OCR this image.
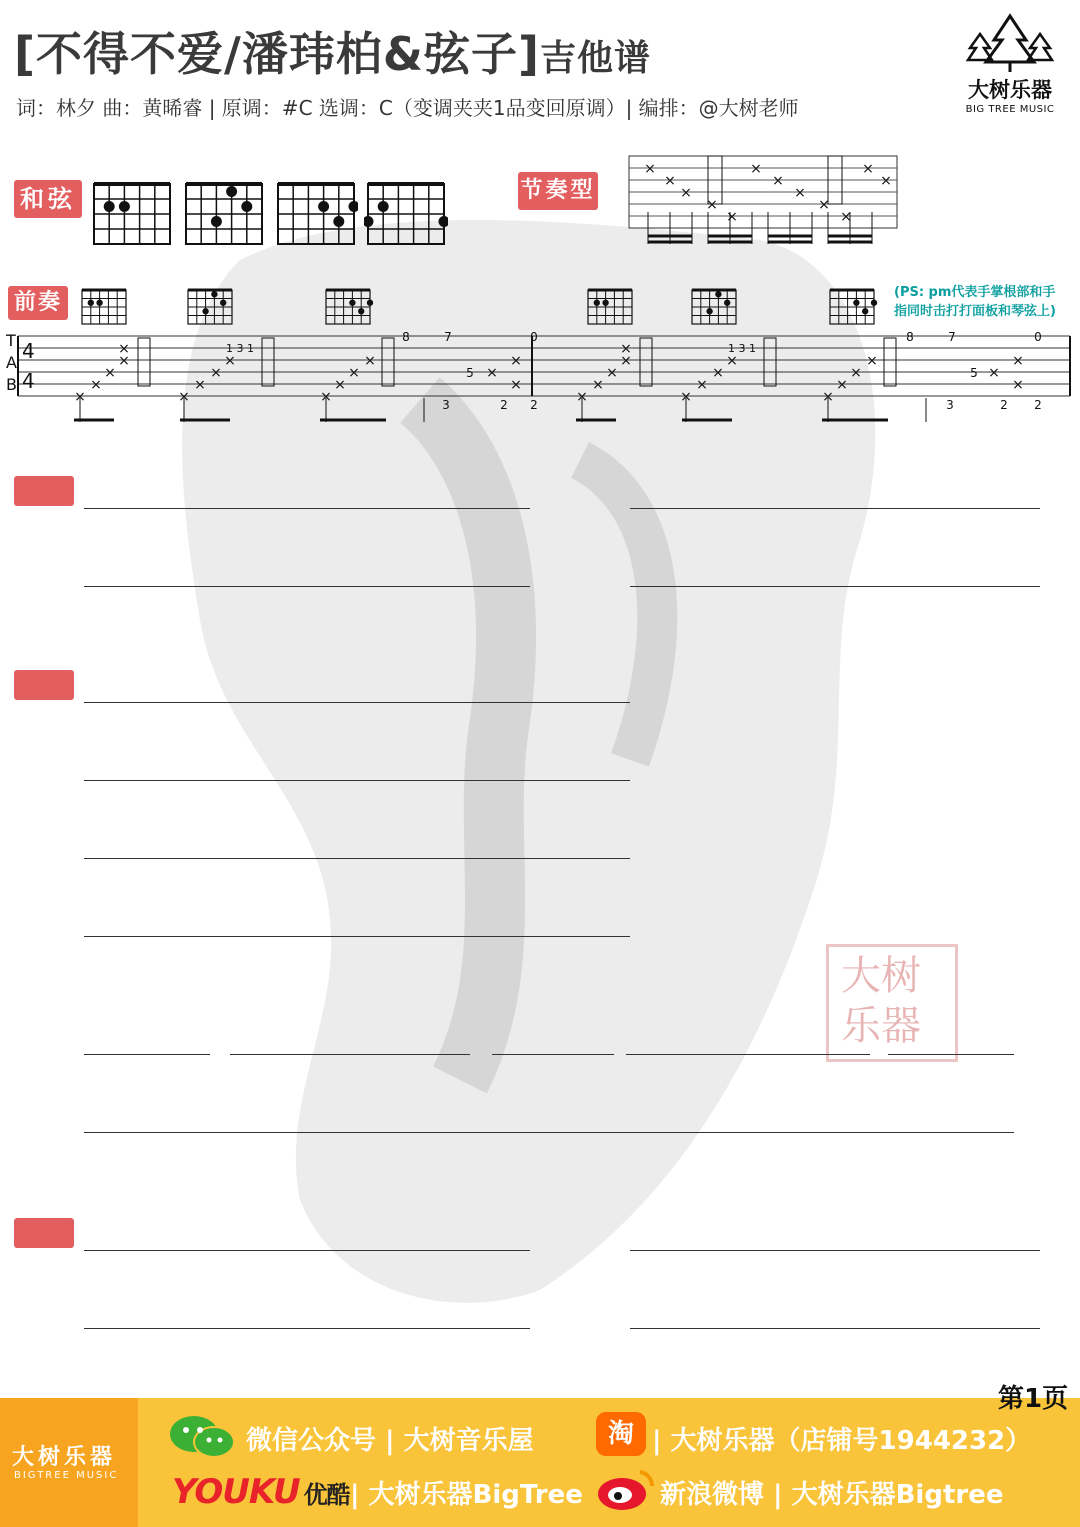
大树乐器
[不得不爱/潘玮柏&弦子]吉他谱
词：林夕 曲：黄晞睿 | 原调：#C 选调：C（变调夹夹1品变回原调）| 编排：@大树老师
大树乐器
BIG TREE MUSIC
和弦	节奏型
×
×
×
×
×
×
×
×
×
×
×
×
前奏	(PS: pm代表手掌根部和手
指同时击打打面板和琴弦上)
T
A
B
4
4
×
×
×
×
×
×
×
×
×
×
×
×
×
×
×
×
×
×
×
×
×
×
×
×
×
×
×
×
×
×
×
×
8	7
5
0
3	2 2
8	7
5
0
3	2 2
1 3 1	1 3 1
第1页
大树乐器
BIGTREE MUSIC
微信公众号 | 大树音乐屋	淘 | 大树乐器（店铺号1944232）
YOUKU 优酷 | 大树乐器BigTree	新浪微博 | 大树乐器Bigtree
